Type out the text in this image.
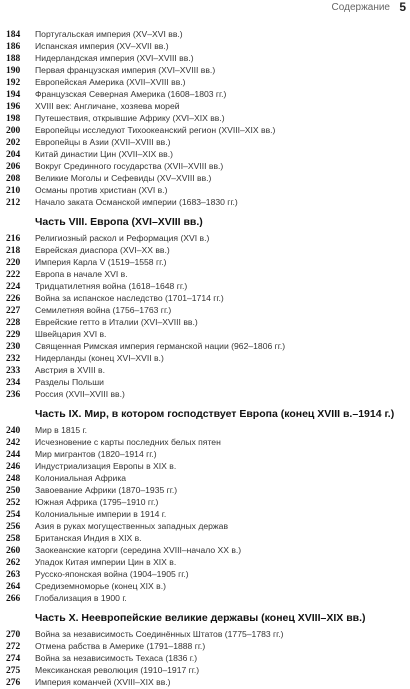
Содержание 5
184	Португальская империя (XV–XVI вв.)
186	Испанская империя (XV–XVII вв.)
188	Нидерландская империя (XVI–XVIII вв.)
190	Первая французская империя (XVI–XVIII вв.)
192	Европейская Америка (XVII–XVIII вв.)
194	Французская Северная Америка (1608–1803 гг.)
196	XVIII век: Англичане, хозяева морей
198	Путешествия, открывшие Африку (XVI–XIX вв.)
200	Европейцы исследуют Тихоокеанский регион (XVIII–XIX вв.)
202	Европейцы в Азии (XVII–XVIII вв.)
204	Китай династии Цин (XVII–XIX вв.)
206	Вокруг Срединного государства (XVII–XVIII вв.)
208	Великие Моголы и Сефевиды (XV–XVIII вв.)
210	Османы против христиан (XVI в.)
212	Начало заката Османской империи (1683–1830 гг.)
Часть VIII. Европа (XVI–XVIII вв.)
216	Религиозный раскол и Реформация (XVI в.)
218	Еврейская диаспора (XVI–XX вв.)
220	Империя Карла V (1519–1558 гг.)
222	Европа в начале XVI в.
224	Тридцатилетняя война (1618–1648 гг.)
226	Война за испанское наследство (1701–1714 гг.)
227	Семилетняя война (1756–1763 гг.)
228	Еврейские гетто в Италии (XVI–XVIII вв.)
229	Швейцария XVI в.
230	Священная Римская империя германской нации (962–1806 гг.)
232	Нидерланды (конец XVI–XVII в.)
233	Австрия в XVIII в.
234	Разделы Польши
236	Россия (XVII–XVIII вв.)
Часть IX. Мир, в котором господствует Европа (конец XVIII в.–1914 г.)
240	Мир в 1815 г.
242	Исчезновение с карты последних белых пятен
244	Мир мигрантов (1820–1914 гг.)
246	Индустриализация Европы в XIX в.
248	Колониальная Африка
250	Завоевание Африки (1870–1935 гг.)
252	Южная Африка (1795–1910 гг.)
254	Колониальные империи в 1914 г.
256	Азия в руках могущественных западных держав
258	Британская Индия в XIX в.
260	Заокеанские каторги (середина XVIII–начало XX в.)
262	Упадок Китая империи Цин в XIX в.
263	Русско-японская война (1904–1905 гг.)
264	Средиземноморье (конец XIX в.)
266	Глобализация в 1900 г.
Часть X. Неевропейские великие державы (конец XVIII–XIX вв.)
270	Война за независимость Соединённых Штатов (1775–1783 гг.)
272	Отмена рабства в Америке (1791–1888 гг.)
274	Война за независимость Техаса (1836 г.)
275	Мексиканская революция (1910–1917 гг.)
276	Империя команчей (XVIII–XIX вв.)
